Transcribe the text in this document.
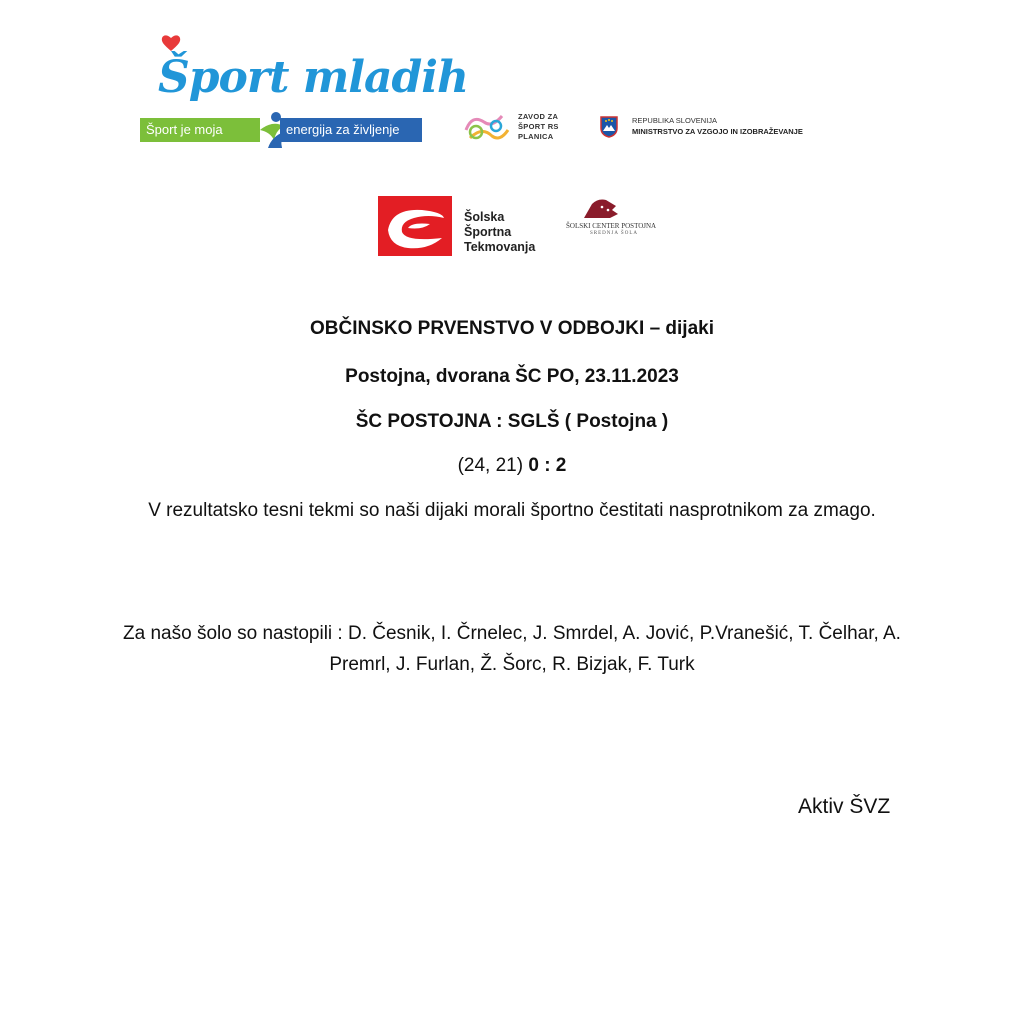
Šport mladih
Šport je moja	energija za življenje
ZAVOD ZA
ŠPORT RS
PLANICA
REPUBLIKA SLOVENIJA
MINISTRSTVO ZA VZGOJO IN IZOBRAŽEVANJE
Šolska
Športna
Tekmovanja
ŠOLSKI CENTER POSTOJNA
SREDNJA ŠOLA
OBČINSKO PRVENSTVO V ODBOJKI – dijaki
Postojna, dvorana ŠC PO, 23.11.2023
ŠC POSTOJNA : SGLŠ ( Postojna )
(24, 21) 0 : 2
V rezultatsko tesni tekmi so naši dijaki morali športno čestitati nasprotnikom za zmago.
Za našo šolo so nastopili : D. Česnik, I. Črnelec, J. Smrdel, A. Jović, P.Vranešić, T. Čelhar, A. Premrl, J. Furlan, Ž. Šorc, R. Bizjak, F. Turk
Aktiv ŠVZ
